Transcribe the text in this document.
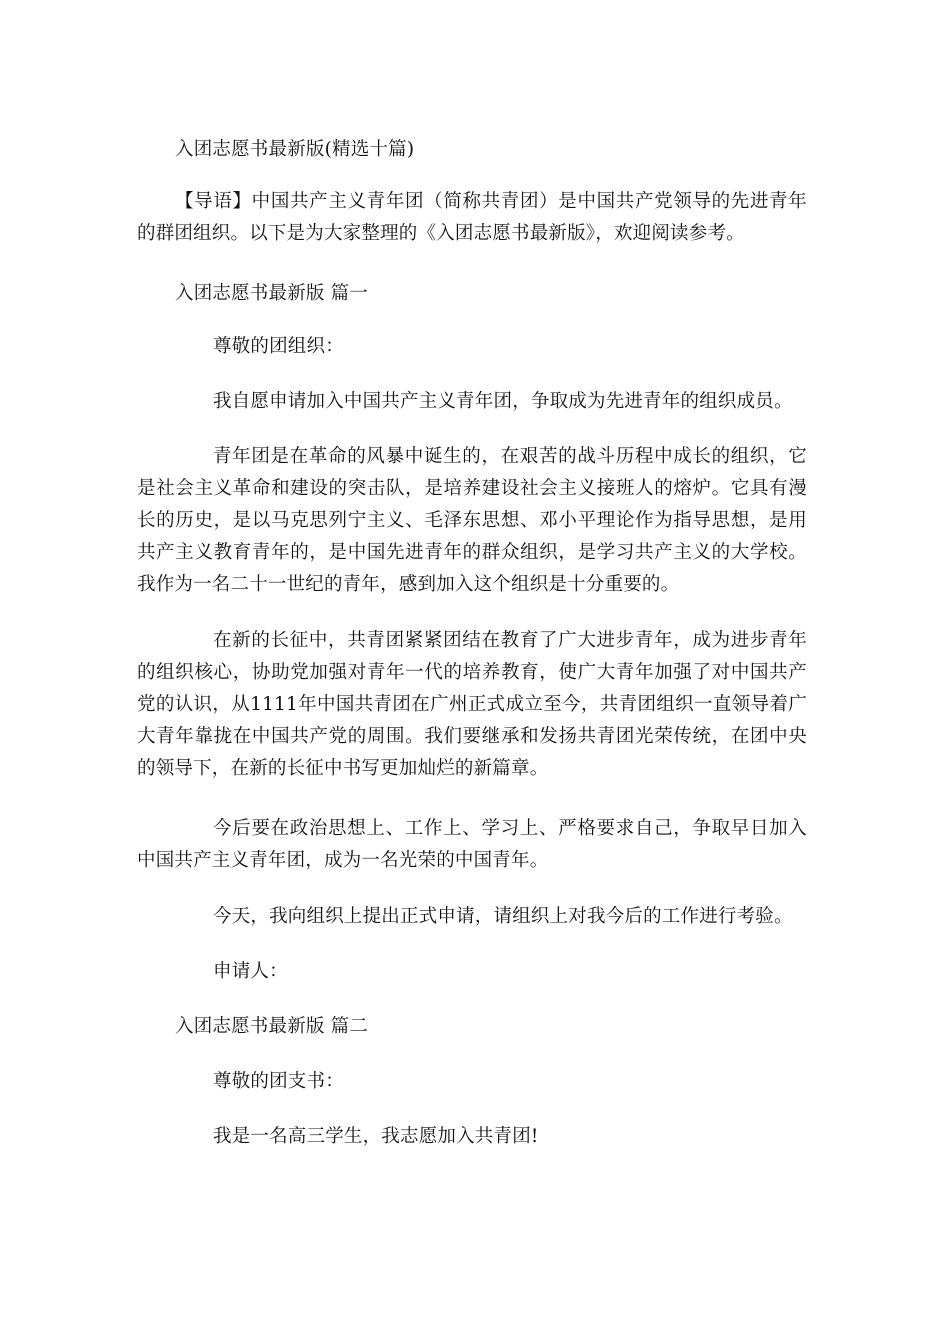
入团志愿书最新版(精选十篇)
【导语】中国共产主义青年团（简称共青团）是中国共产党领导的先进青年的群团组织。以下是为大家整理的《入团志愿书最新版》，欢迎阅读参考。
入团志愿书最新版 篇一
尊敬的团组织：
我自愿申请加入中国共产主义青年团，争取成为先进青年的组织成员。
青年团是在革命的风暴中诞生的，在艰苦的战斗历程中成长的组织，它是社会主义革命和建设的突击队，是培养建设社会主义接班人的熔炉。它具有漫长的历史，是以马克思列宁主义、毛泽东思想、邓小平理论作为指导思想，是用共产主义教育青年的，是中国先进青年的群众组织，是学习共产主义的大学校。我作为一名二十一世纪的青年，感到加入这个组织是十分重要的。
在新的长征中，共青团紧紧团结在教育了广大进步青年，成为进步青年的组织核心，协助党加强对青年一代的培养教育，使广大青年加强了对中国共产党的认识，从1111年中国共青团在广州正式成立至今，共青团组织一直领导着广大青年靠拢在中国共产党的周围。我们要继承和发扬共青团光荣传统，在团中央的领导下，在新的长征中书写更加灿烂的新篇章。
今后要在政治思想上、工作上、学习上、严格要求自己，争取早日加入中国共产主义青年团，成为一名光荣的中国青年。
今天，我向组织上提出正式申请，请组织上对我今后的工作进行考验。
申请人：
入团志愿书最新版 篇二
尊敬的团支书：
我是一名高三学生，我志愿加入共青团!
